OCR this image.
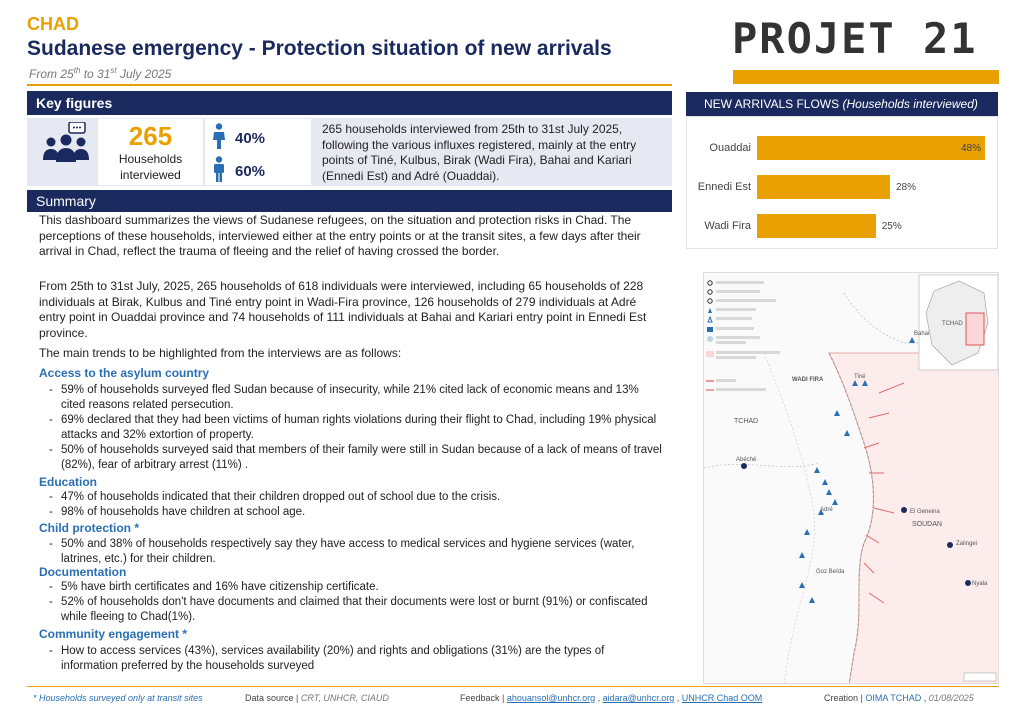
CHAD
Sudanese emergency - Protection situation of new arrivals
From 25th to 31st July 2025
PROJET 21
Key figures
265
Households
interviewed
40%
60%
265 households interviewed from 25th to 31st July 2025, following the various influxes registered, mainly at the entry points of Tiné, Kulbus, Birak (Wadi Fira), Bahai and Kariari (Ennedi Est) and Adré (Ouaddai).
Summary
This dashboard summarizes the views of Sudanese refugees, on the situation and protection risks in Chad. The perceptions of these households, interviewed either at the entry points or at the transit sites, a few days after their arrival in Chad, reflect the trauma of fleeing and the relief of having crossed the border.
From 25th to 31st July, 2025, 265 households of 618 individuals were interviewed, including 65 households of 228 individuals at Birak, Kulbus and Tiné entry point in Wadi-Fira province, 126 households of 279 individuals at Adré entry point in Ouaddai province and 74 households of 111 individuals at Bahai and Kariari entry point in Ennedi Est province.
The main trends to be highlighted from the interviews are as follows:
Access to the asylum country
- 59% of households surveyed fled Sudan because of insecurity, while 21% cited lack of economic means and 13% cited reasons related persecution.
- 69% declared that they had been victims of human rights violations during their flight to Chad, including 19% physical attacks and 32% extortion of property.
- 50% of households surveyed said that members of their family were still in Sudan because of a lack of means of travel (82%), fear of arbitrary arrest (11%) .
Education
- 47% of households indicated that their children dropped out of school due to the crisis.
- 98% of households have children at school age.
Child protection *
- 50% and 38% of households respectively say they have access to medical services and hygiene services (water, latrines, etc.) for their children.
Documentation
- 5% have birth certificates and 16% have citizenship certificate.
- 52% of households don't have documents and claimed that their documents were lost or burnt (91%) or confiscated while fleeing to Chad(1%).
Community engagement *
- How to access services (43%), services availability (20%) and rights and obligations (31%) are the types of information preferred by the households surveyed
NEW ARRIVALS FLOWS (Households interviewed)
Ouaddai	48%
Ennedi Est	28%
Wadi Fira	25%
TCHAD
WADI FIRA
TCHAD
SOUDAN
Abéché
El Geneina
Zalingei
Nyala
Adré
Goz Beïda
Tiné
Bahai
* Households surveyed only at transit sites	Data source | CRT, UNHCR, CIAUD	Feedback | ahouansol@unhcr.org , aidara@unhcr.org , UNHCR Chad OOM	Creation | OIMA TCHAD , 01/08/2025
